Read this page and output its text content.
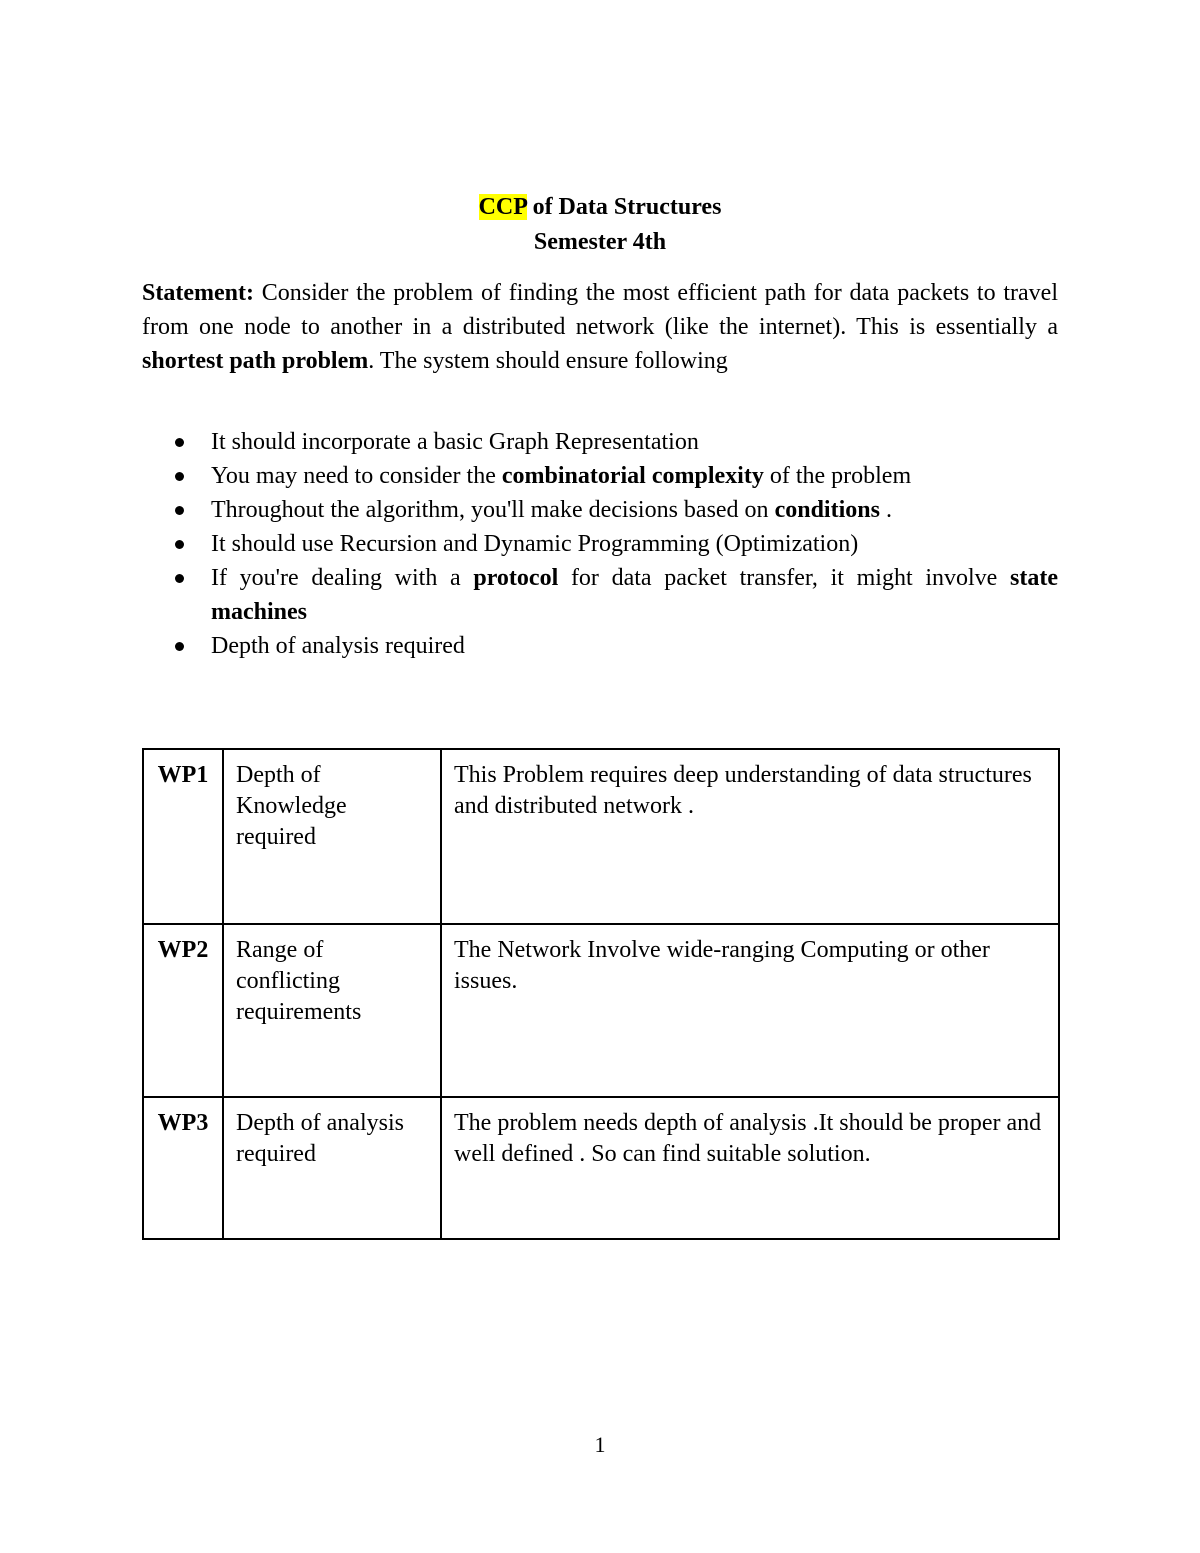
CCP of Data Structures
Semester 4th
Statement: Consider the problem of finding the most efficient path for data packets to travel from one node to another in a distributed network (like the internet). This is essentially a shortest path problem. The system should ensure following
It should incorporate a basic Graph Representation
You may need to consider the combinatorial complexity of the problem
Throughout the algorithm, you'll make decisions based on conditions .
It should use Recursion and Dynamic Programming (Optimization)
If you're dealing with a protocol for data packet transfer, it might involve state machines
Depth of analysis required
WP1	Depth of Knowledge required	This Problem requires deep understanding of data structures and distributed network .
WP2	Range of conflicting requirements	The Network Involve wide-ranging Computing or other issues.
WP3	Depth of analysis required	The problem needs depth of analysis .It should be proper and well defined . So can find suitable solution.
1
